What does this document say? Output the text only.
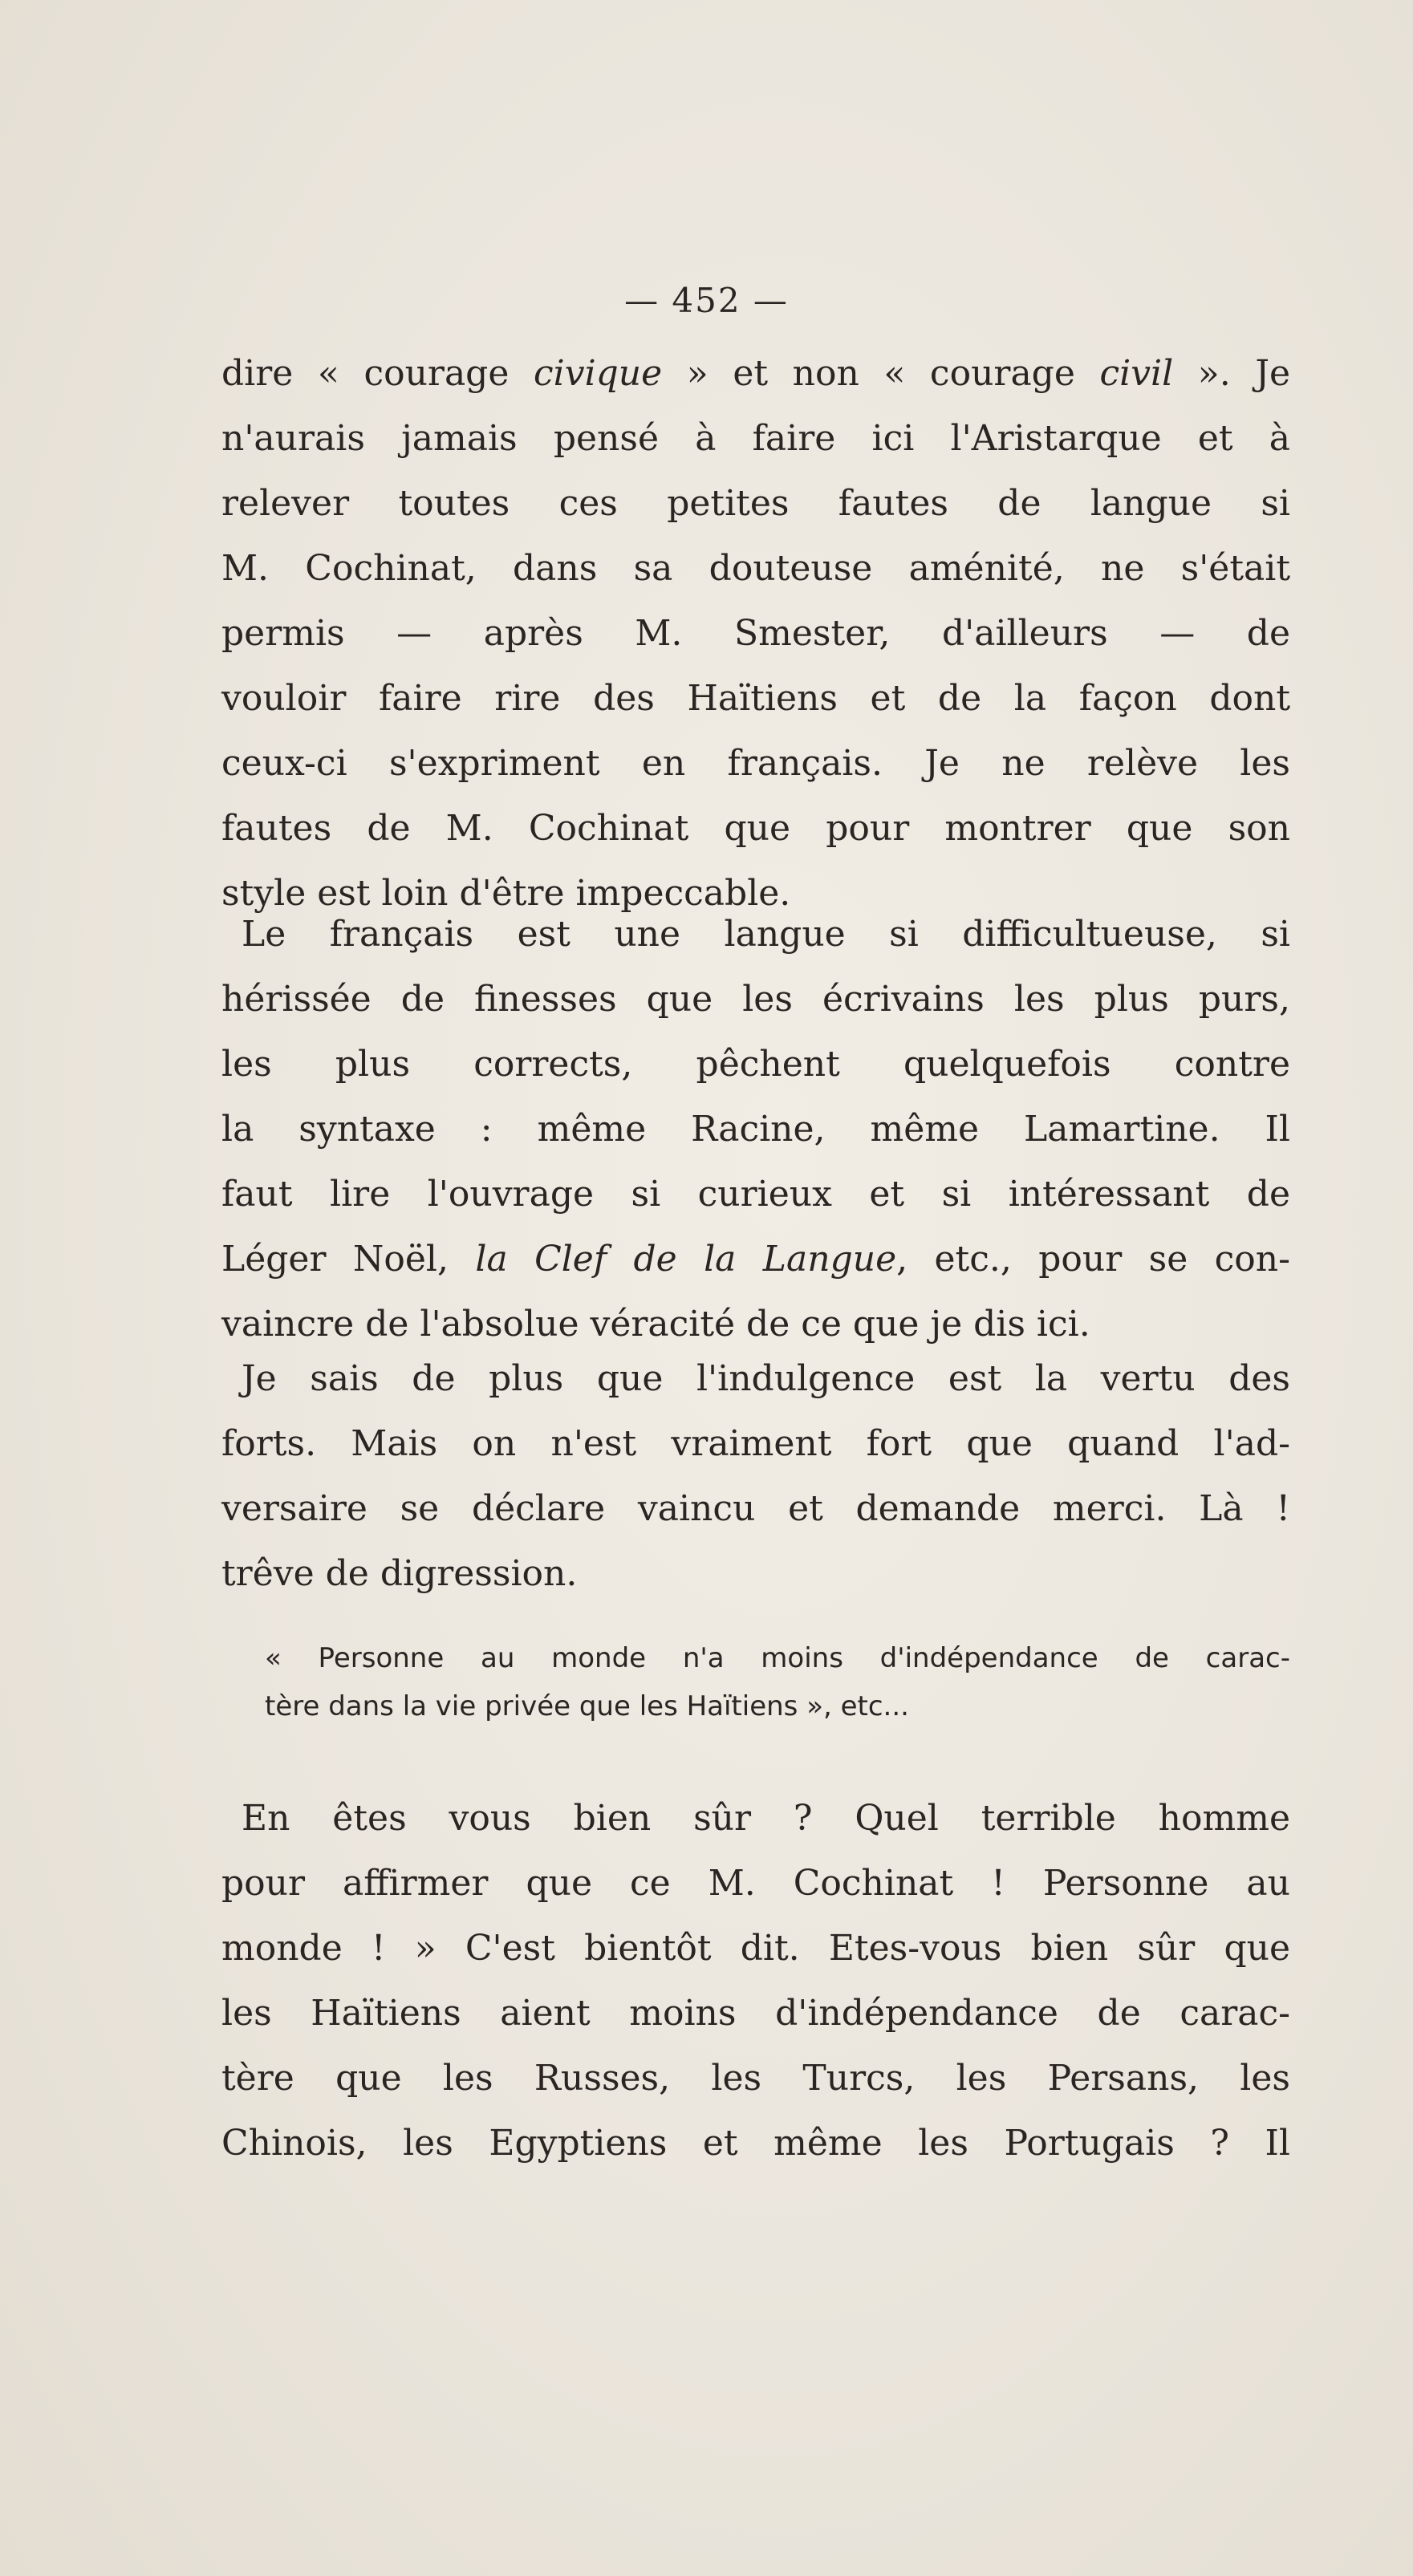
— 452 —
dire « courage civique » et non « courage civil ». Je
n'aurais jamais pensé à faire ici l'Aristarque et à
relever toutes ces petites fautes de langue si
M. Cochinat, dans sa douteuse aménité, ne s'était
permis — après M. Smester, d'ailleurs — de
vouloir faire rire des Haïtiens et de la façon dont
ceux-ci s'expriment en français. Je ne relève les
fautes de M. Cochinat que pour montrer que son
style est loin d'être impeccable.
Le français est une langue si difficultueuse, si
hérissée de finesses que les écrivains les plus purs,
les plus corrects, pêchent quelquefois contre
la syntaxe : même Racine, même Lamartine. Il
faut lire l'ouvrage si curieux et si intéressant de
Léger Noël, la Clef de la Langue, etc., pour se con-
vaincre de l'absolue véracité de ce que je dis ici.
Je sais de plus que l'indulgence est la vertu des
forts. Mais on n'est vraiment fort que quand l'ad-
versaire se déclare vaincu et demande merci. Là !
trêve de digression.
« Personne au monde n'a moins d'indépendance de carac-
tère dans la vie privée que les Haïtiens », etc...
En êtes vous bien sûr ? Quel terrible homme
pour affirmer que ce M. Cochinat ! Personne au
monde ! » C'est bientôt dit. Etes-vous bien sûr que
les Haïtiens aient moins d'indépendance de carac-
tère que les Russes, les Turcs, les Persans, les
Chinois, les Egyptiens et même les Portugais ? Il
